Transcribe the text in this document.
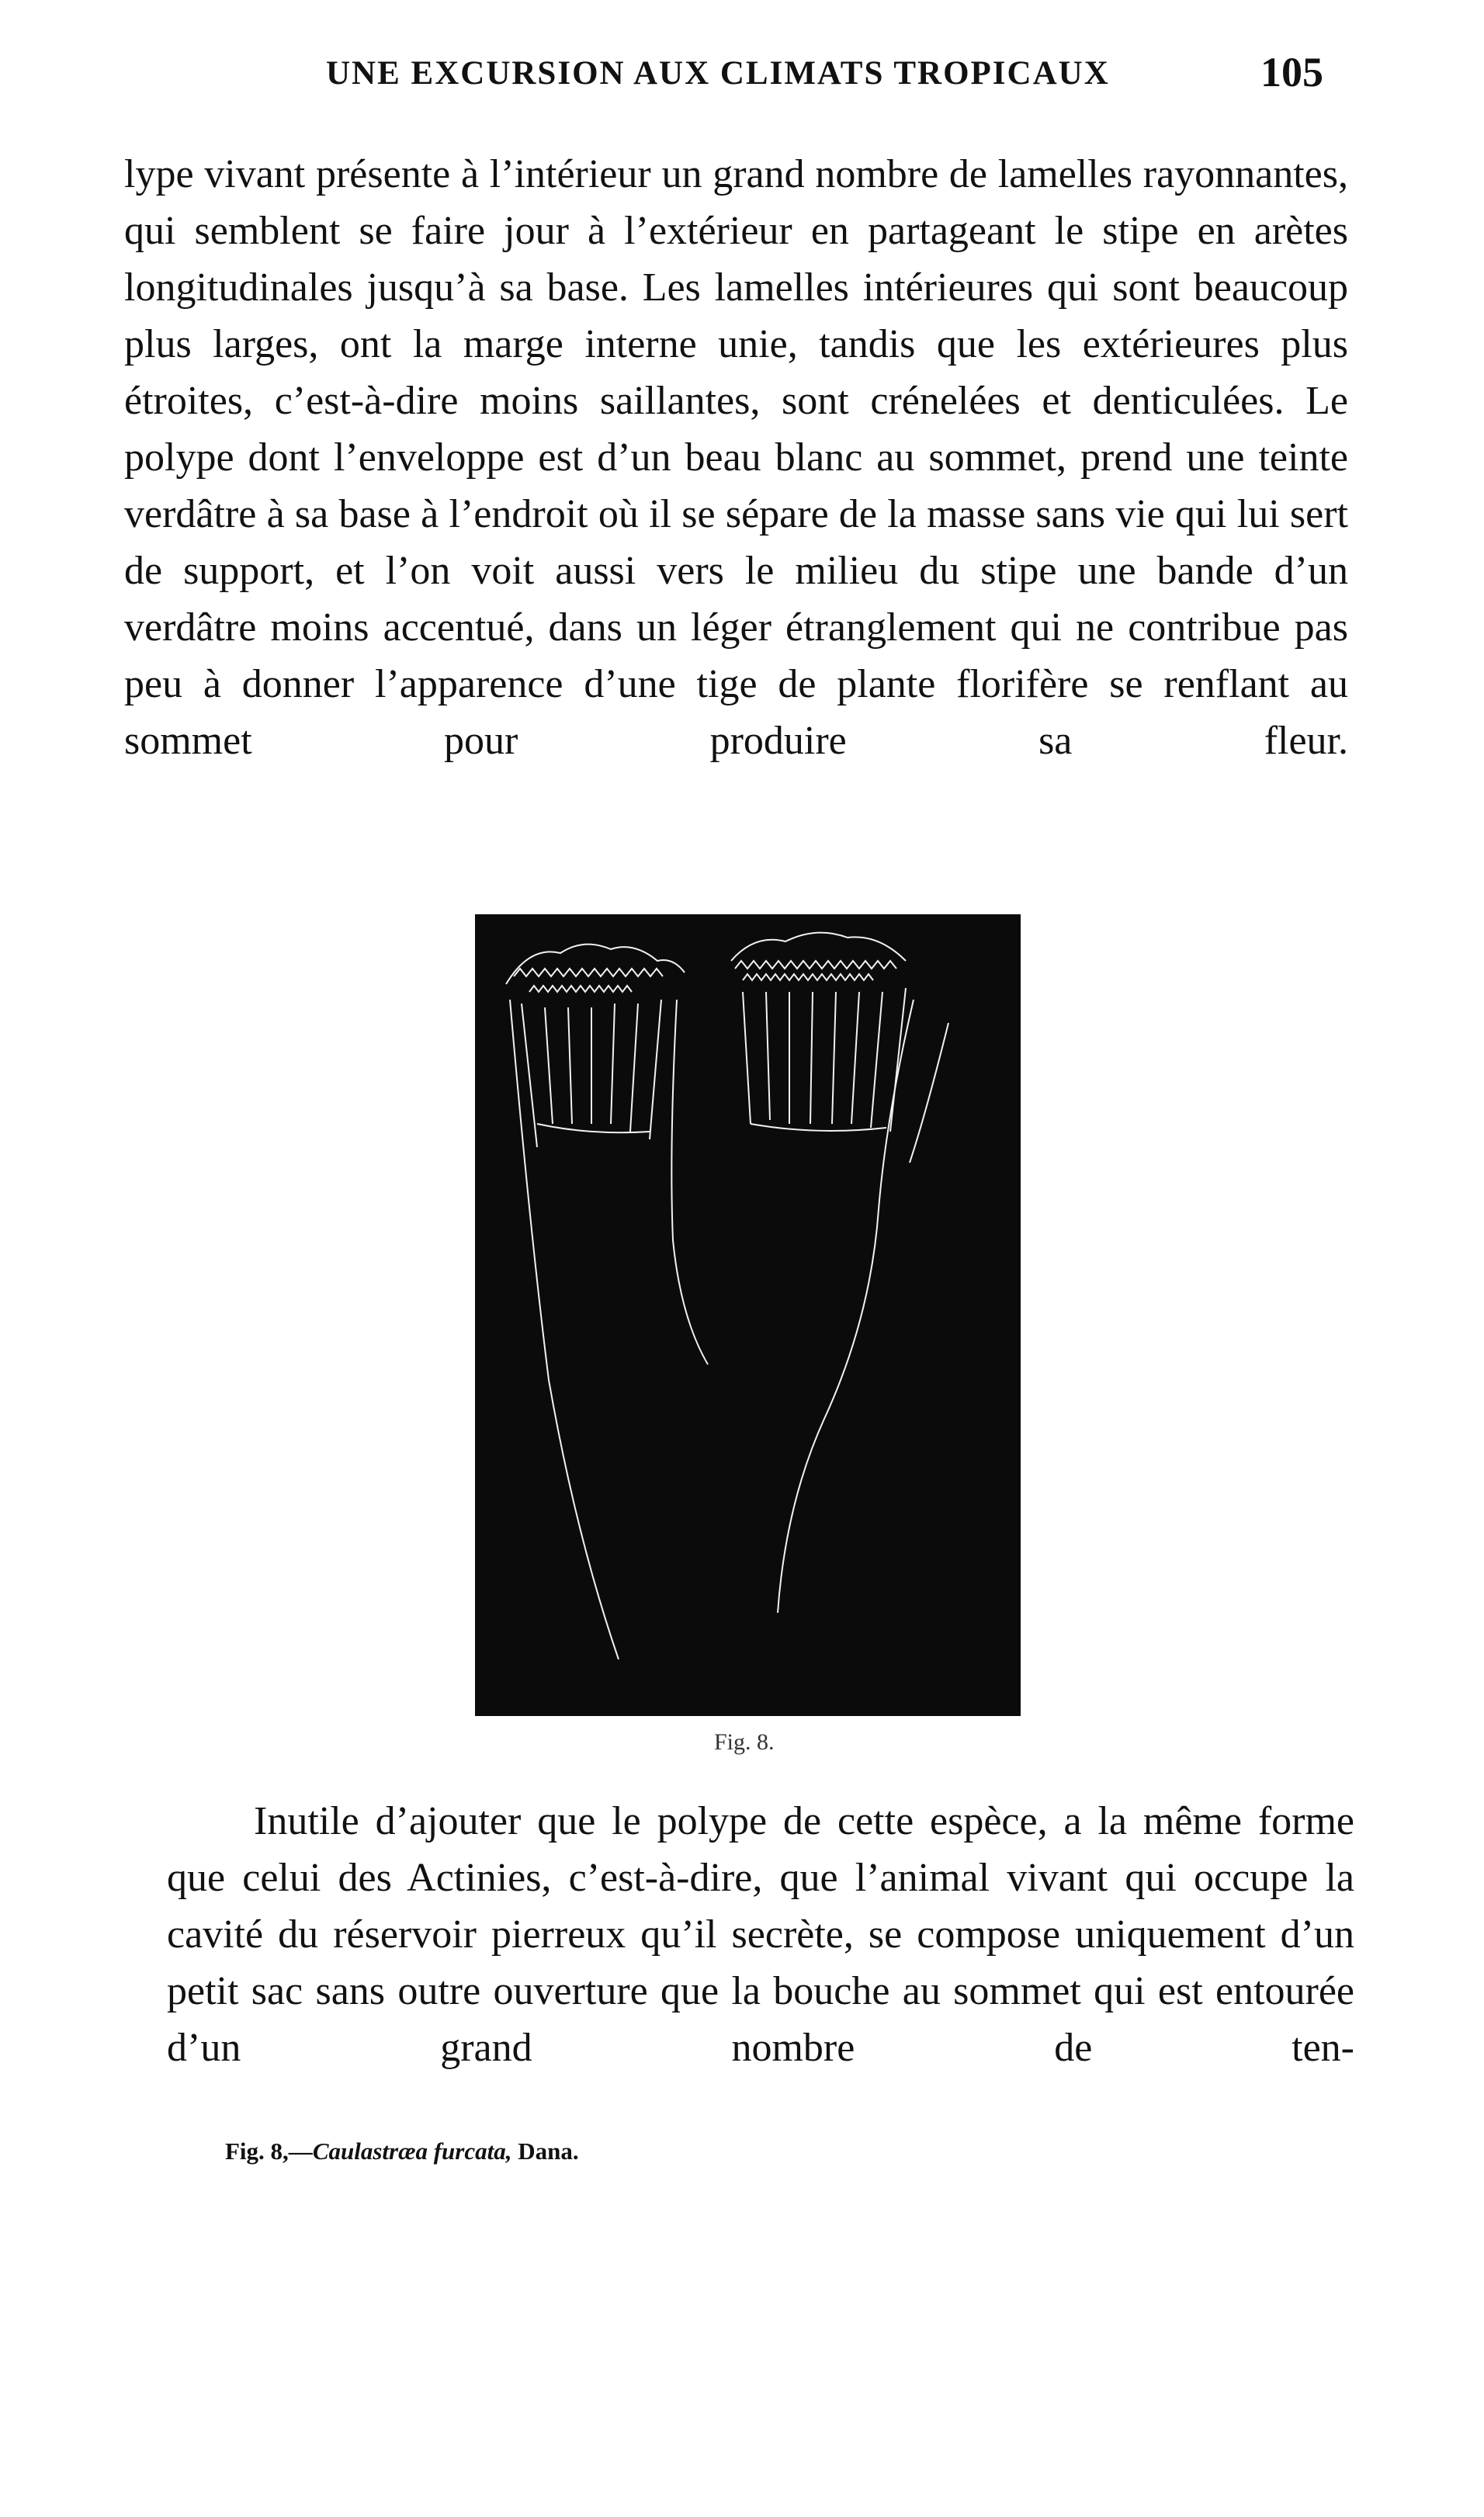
UNE EXCURSION AUX CLIMATS TROPICAUX	105
lype vivant présente à l’intérieur un grand nombre de lamelles rayonnantes, qui semblent se faire jour à l’extérieur en partageant le stipe en arètes longitudinales jusqu’à sa base. Les lamelles intérieures qui sont beaucoup plus larges, ont la marge interne unie, tandis que les extérieures plus étroites, c’est-à-dire moins saillantes, sont crénelées et denticulées. Le polype dont l’enveloppe est d’un beau blanc au sommet, prend une teinte verdâtre à sa base à l’endroit où il se sépare de la masse sans vie qui lui sert de support, et l’on voit aussi vers le milieu du stipe une bande d’un verdâtre moins accentué, dans un léger étranglement qui ne contribue pas peu à donner l’apparence d’une tige de plante florifère se renflant au sommet pour produire sa	fleur.
Fig. 8.
Inutile d’ajouter que le polype de cette espèce, a la même forme que celui des Actinies, c’est-à-dire, que l’animal vivant qui occupe la cavité du réservoir pierreux qu’il secrète, se compose uniquement d’un petit sac sans outre ouverture que la bouche au sommet qui est entourée d’un grand nombre de ten-
Fig. 8,—Caulastræa furcata, Dana.
